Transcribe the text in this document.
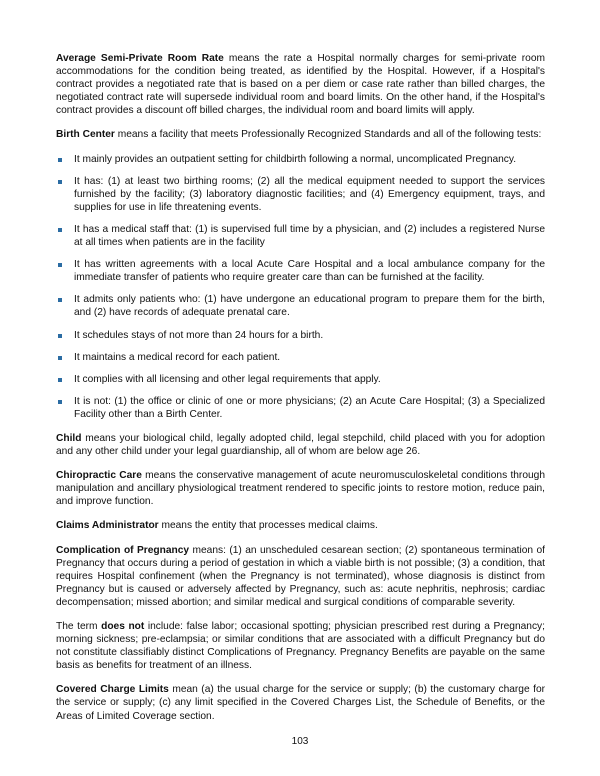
Average Semi-Private Room Rate means the rate a Hospital normally charges for semi-private room accommodations for the condition being treated, as identified by the Hospital. However, if a Hospital's contract provides a negotiated rate that is based on a per diem or case rate rather than billed charges, the negotiated contract rate will supersede individual room and board limits. On the other hand, if the Hospital's contract provides a discount off billed charges, the individual room and board limits will apply.

Birth Center means a facility that meets Professionally Recognized Standards and all of the following tests:

It mainly provides an outpatient setting for childbirth following a normal, uncomplicated Pregnancy.
It has: (1) at least two birthing rooms; (2) all the medical equipment needed to support the services furnished by the facility; (3) laboratory diagnostic facilities; and (4) Emergency equipment, trays, and supplies for use in life threatening events.
It has a medical staff that: (1) is supervised full time by a physician, and (2) includes a registered Nurse at all times when patients are in the facility
It has written agreements with a local Acute Care Hospital and a local ambulance company for the immediate transfer of patients who require greater care than can be furnished at the facility.
It admits only patients who: (1) have undergone an educational program to prepare them for the birth, and (2) have records of adequate prenatal care.
It schedules stays of not more than 24 hours for a birth.
It maintains a medical record for each patient.
It complies with all licensing and other legal requirements that apply.
It is not: (1) the office or clinic of one or more physicians; (2) an Acute Care Hospital; (3) a Specialized Facility other than a Birth Center.

Child means your biological child, legally adopted child, legal stepchild, child placed with you for adoption and any other child under your legal guardianship, all of whom are below age 26.

Chiropractic Care means the conservative management of acute neuromusculoskeletal conditions through manipulation and ancillary physiological treatment rendered to specific joints to restore motion, reduce pain, and improve function.

Claims Administrator means the entity that processes medical claims.

Complication of Pregnancy means: (1) an unscheduled cesarean section; (2) spontaneous termination of Pregnancy that occurs during a period of gestation in which a viable birth is not possible; (3) a condition, that requires Hospital confinement (when the Pregnancy is not terminated), whose diagnosis is distinct from Pregnancy but is caused or adversely affected by Pregnancy, such as: acute nephritis, nephrosis; cardiac decompensation; missed abortion; and similar medical and surgical conditions of comparable severity.

The term does not include: false labor; occasional spotting; physician prescribed rest during a Pregnancy; morning sickness; pre-eclampsia; or similar conditions that are associated with a difficult Pregnancy but do not constitute classifiably distinct Complications of Pregnancy. Pregnancy Benefits are payable on the same basis as benefits for treatment of an illness.

Covered Charge Limits mean (a) the usual charge for the service or supply; (b) the customary charge for the service or supply; (c) any limit specified in the Covered Charges List, the Schedule of Benefits, or the Areas of Limited Coverage section.

103
